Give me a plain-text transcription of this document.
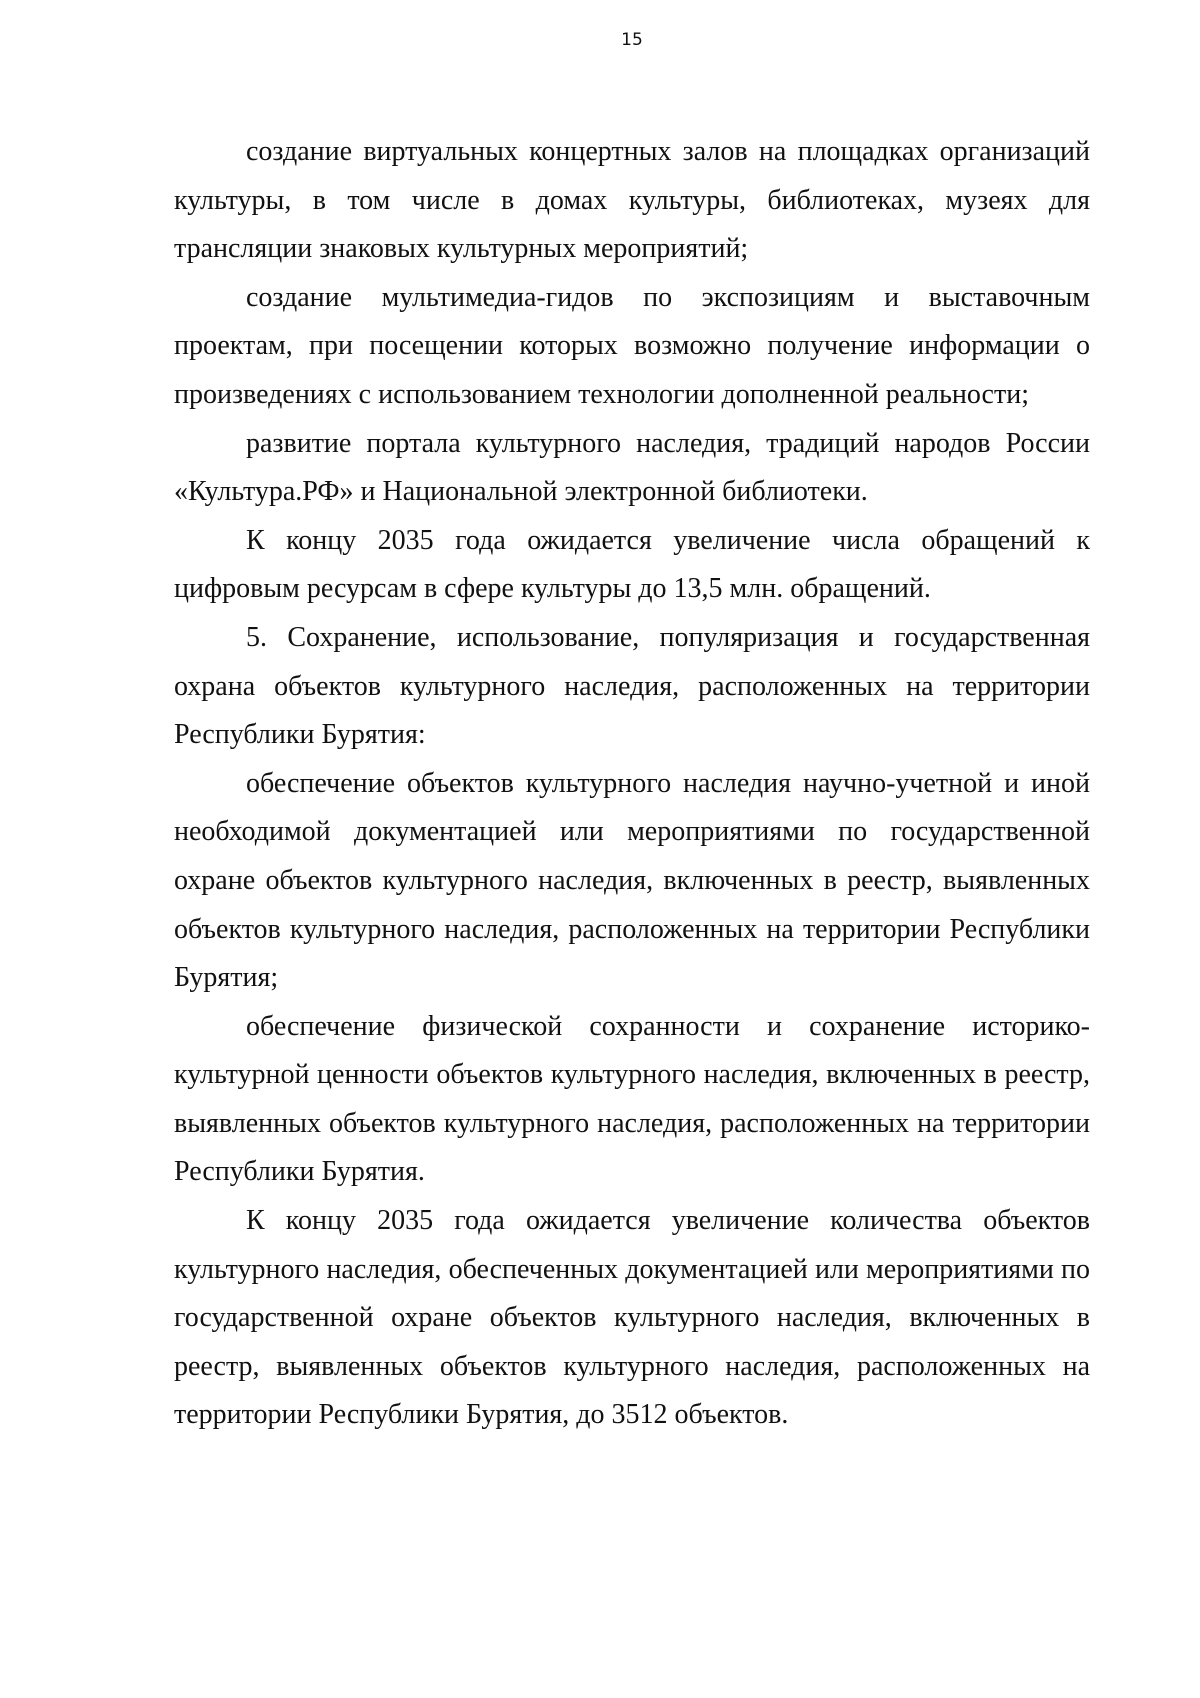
15

создание виртуальных концертных залов на площадках организаций культуры, в том числе в домах культуры, библиотеках, музеях для трансляции знаковых культурных мероприятий;

создание мультимедиа-гидов по экспозициям и выставочным проектам, при посещении которых возможно получение информации о произведениях с использованием технологии дополненной реальности;

развитие портала культурного наследия, традиций народов России «Культура.РФ» и Национальной электронной библиотеки.

К концу 2035 года ожидается увеличение числа обращений к цифровым ресурсам в сфере культуры до 13,5 млн. обращений.

5. Сохранение, использование, популяризация и государственная охрана объектов культурного наследия, расположенных на территории Республики Бурятия:

обеспечение объектов культурного наследия научно-учетной и иной необходимой документацией или мероприятиями по государственной охране объектов культурного наследия, включенных в реестр, выявленных объектов культурного наследия, расположенных на территории Республики Бурятия;

обеспечение физической сохранности и сохранение историко-культурной ценности объектов культурного наследия, включенных в реестр, выявленных объектов культурного наследия, расположенных на территории Республики Бурятия.

К концу 2035 года ожидается увеличение количества объектов культурного наследия, обеспеченных документацией или мероприятиями по государственной охране объектов культурного наследия, включенных в реестр, выявленных объектов культурного наследия, расположенных на территории Республики Бурятия, до 3512 объектов.
